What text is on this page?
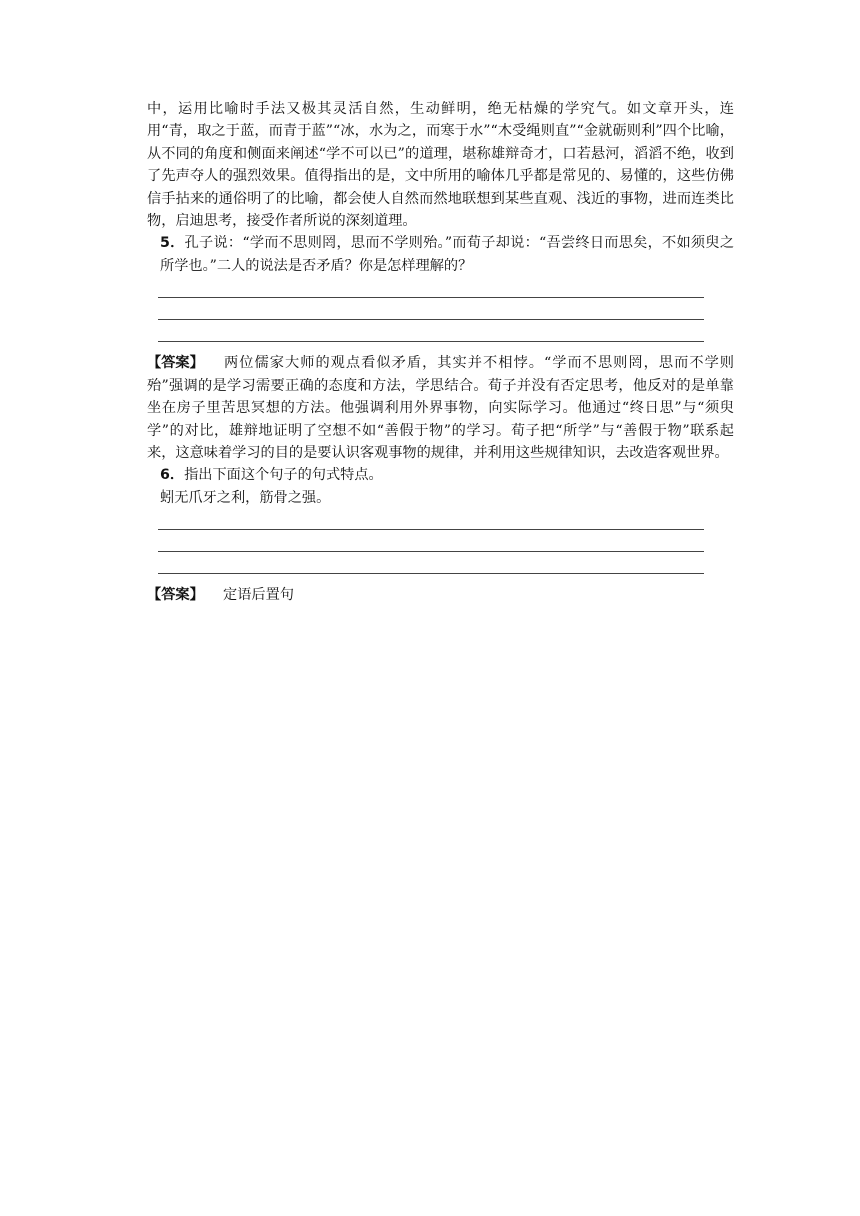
中，运用比喻时手法又极其灵活自然，生动鲜明，绝无枯燥的学究气。如文章开头，连用“青，取之于蓝，而青于蓝”“冰，水为之，而寒于水”“木受绳则直”“金就砺则利”四个比喻，从不同的角度和侧面来阐述“学不可以已”的道理，堪称雄辩奇才，口若悬河，滔滔不绝，收到了先声夺人的强烈效果。值得指出的是，文中所用的喻体几乎都是常见的、易懂的，这些仿佛信手拈来的通俗明了的比喻，都会使人自然而然地联想到某些直观、浅近的事物，进而连类比物，启迪思考，接受作者所说的深刻道理。

5．孔子说：“学而不思则罔，思而不学则殆。”而荀子却说：“吾尝终日而思矣，不如须臾之所学也。”二人的说法是否矛盾？你是怎样理解的？

【答案】 两位儒家大师的观点看似矛盾，其实并不相悖。“学而不思则罔，思而不学则殆”强调的是学习需要正确的态度和方法，学思结合。荀子并没有否定思考，他反对的是单靠坐在房子里苦思冥想的方法。他强调利用外界事物，向实际学习。他通过“终日思”与“须臾学”的对比，雄辩地证明了空想不如“善假于物”的学习。荀子把“所学”与“善假于物”联系起来，这意味着学习的目的是要认识客观事物的规律，并利用这些规律知识，去改造客观世界。

6．指出下面这个句子的句式特点。

蚓无爪牙之利，筋骨之强。

【答案】 定语后置句
